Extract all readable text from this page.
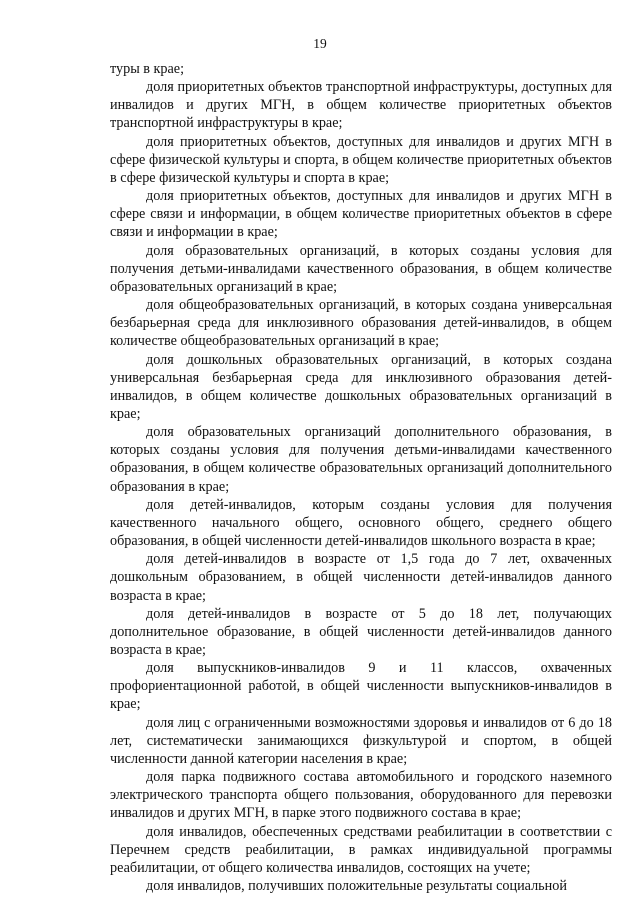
19

туры в крае;

доля приоритетных объектов транспортной инфраструктуры, доступных для инвалидов и других МГН, в общем количестве приоритетных объектов транспортной инфраструктуры в крае;

доля приоритетных объектов, доступных для инвалидов и других МГН в сфере физической культуры и спорта, в общем количестве приоритетных объектов в сфере физической культуры и спорта в крае;

доля приоритетных объектов, доступных для инвалидов и других МГН в сфере связи и информации, в общем количестве приоритетных объектов в сфере связи и информации в крае;

доля образовательных организаций, в которых созданы условия для получения детьми-инвалидами качественного образования, в общем количестве образовательных организаций в крае;

доля общеобразовательных организаций, в которых создана универсальная безбарьерная среда для инклюзивного образования детей-инвалидов, в общем количестве общеобразовательных организаций в крае;

доля дошкольных образовательных организаций, в которых создана универсальная безбарьерная среда для инклюзивного образования детей-инвалидов, в общем количестве дошкольных образовательных организаций в крае;

доля образовательных организаций дополнительного образования, в которых созданы условия для получения детьми-инвалидами качественного образования, в общем количестве образовательных организаций дополнительного образования в крае;

доля детей-инвалидов, которым созданы условия для получения качественного начального общего, основного общего, среднего общего образования, в общей численности детей-инвалидов школьного возраста в крае;

доля детей-инвалидов в возрасте от 1,5 года до 7 лет, охваченных дошкольным образованием, в общей численности детей-инвалидов данного возраста в крае;

доля детей-инвалидов в возрасте от 5 до 18 лет, получающих дополнительное образование, в общей численности детей-инвалидов данного возраста в крае;

доля выпускников-инвалидов 9 и 11 классов, охваченных профориентационной работой, в общей численности выпускников-инвалидов в крае;

доля лиц с ограниченными возможностями здоровья и инвалидов от 6 до 18 лет, систематически занимающихся физкультурой и спортом, в общей численности данной категории населения в крае;

доля парка подвижного состава автомобильного и городского наземного электрического транспорта общего пользования, оборудованного для перевозки инвалидов и других МГН, в парке этого подвижного состава в крае;

доля инвалидов, обеспеченных средствами реабилитации в соответствии с Перечнем средств реабилитации, в рамках индивидуальной программы реабилитации, от общего количества инвалидов, состоящих на учете;

доля инвалидов, получивших положительные результаты социальной
